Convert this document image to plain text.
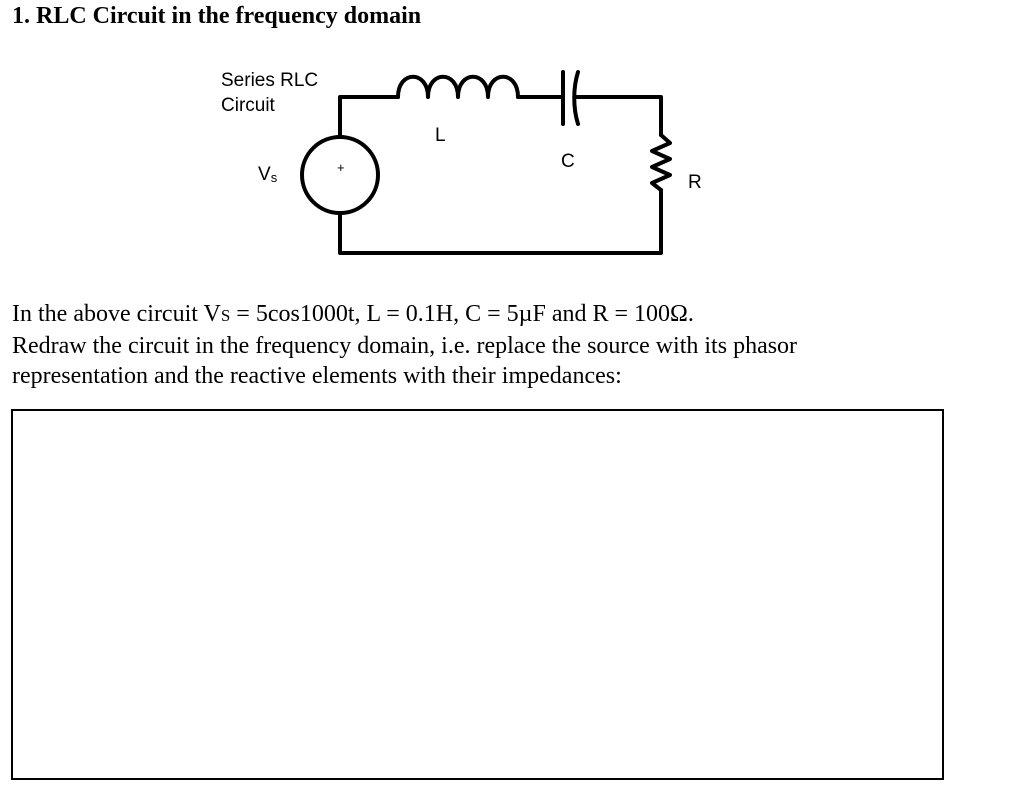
1. RLC Circuit in the frequency domain
Series RLC
Circuit
Vs
+
L
C
R

In the above circuit VS = 5cos1000t, L = 0.1H, C = 5µF and R = 100Ω.

Redraw the circuit in the frequency domain, i.e. replace the source with its phasor

representation and the reactive elements with their impedances:
